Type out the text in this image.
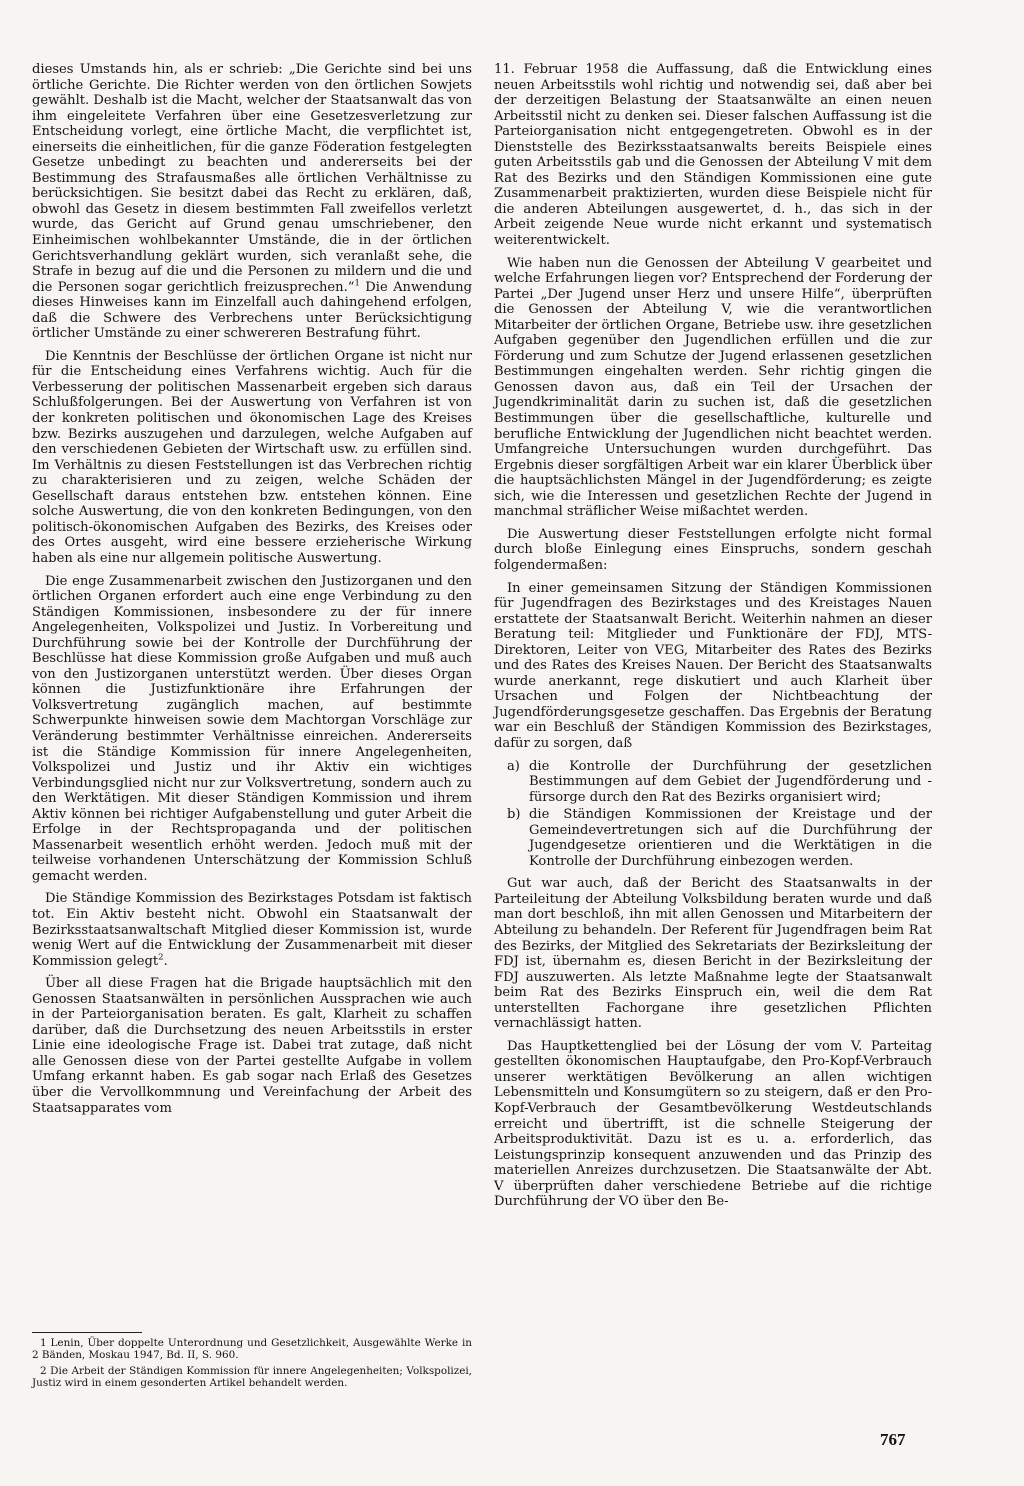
dieses Umstands hin, als er schrieb: „Die Gerichte sind bei uns örtliche Gerichte. Die Richter werden von den örtlichen Sowjets gewählt. Deshalb ist die Macht, welcher der Staatsanwalt das von ihm eingeleitete Verfahren über eine Gesetzesverletzung zur Entscheidung vorlegt, eine örtliche Macht, die verpflichtet ist, einerseits die einheitlichen, für die ganze Föderation festgelegten Gesetze unbedingt zu beachten und andererseits bei der Bestimmung des Strafausmaßes alle örtlichen Verhältnisse zu berücksichtigen. Sie besitzt dabei das Recht zu erklären, daß, obwohl das Gesetz in diesem bestimmten Fall zweifellos verletzt wurde, das Gericht auf Grund genau umschriebener, den Einheimischen wohlbekannter Umstände, die in der örtlichen Gerichtsverhandlung geklärt wurden, sich veranlaßt sehe, die Strafe in bezug auf die und die Personen zu mildern und die und die Personen sogar gerichtlich freizusprechen.“$^1$ Die Anwendung dieses Hinweises kann im Einzelfall auch dahingehend erfolgen, daß die Schwere des Verbrechens unter Berücksichtigung örtlicher Umstände zu einer schwereren Bestrafung führt.

Die Kenntnis der Beschlüsse der örtlichen Organe ist nicht nur für die Entscheidung eines Verfahrens wichtig. Auch für die Verbesserung der politischen Massenarbeit ergeben sich daraus Schlußfolgerungen. Bei der Auswertung von Verfahren ist von der konkreten politischen und ökonomischen Lage des Kreises bzw. Bezirks auszugehen und darzulegen, welche Aufgaben auf den verschiedenen Gebieten der Wirtschaft usw. zu erfüllen sind. Im Verhältnis zu diesen Feststellungen ist das Verbrechen richtig zu charakterisieren und zu zeigen, welche Schäden der Gesellschaft daraus entstehen bzw. entstehen können. Eine solche Auswertung, die von den konkreten Bedingungen, von den politisch-ökonomischen Aufgaben des Bezirks, des Kreises oder des Ortes ausgeht, wird eine bessere erzieherische Wirkung haben als eine nur allgemein politische Auswertung.

Die enge Zusammenarbeit zwischen den Justizorganen und den örtlichen Organen erfordert auch eine enge Verbindung zu den Ständigen Kommissionen, insbesondere zu der für innere Angelegenheiten, Volkspolizei und Justiz. In Vorbereitung und Durchführung sowie bei der Kontrolle der Durchführung der Beschlüsse hat diese Kommission große Aufgaben und muß auch von den Justizorganen unterstützt werden. Über dieses Organ können die Justizfunktionäre ihre Erfahrungen der Volksvertretung zugänglich machen, auf bestimmte Schwerpunkte hinweisen sowie dem Machtorgan Vorschläge zur Veränderung bestimmter Verhältnisse einreichen. Andererseits ist die Ständige Kommission für innere Angelegenheiten, Volkspolizei und Justiz und ihr Aktiv ein wichtiges Verbindungsglied nicht nur zur Volksvertretung, sondern auch zu den Werktätigen. Mit dieser Ständigen Kommission und ihrem Aktiv können bei richtiger Aufgabenstellung und guter Arbeit die Erfolge in der Rechtspropaganda und der politischen Massenarbeit wesentlich erhöht werden. Jedoch muß mit der teilweise vorhandenen Unterschätzung der Kommission Schluß gemacht werden.

Die Ständige Kommission des Bezirkstages Potsdam ist faktisch tot. Ein Aktiv besteht nicht. Obwohl ein Staatsanwalt der Bezirksstaatsanwaltschaft Mitglied dieser Kommission ist, wurde wenig Wert auf die Entwicklung der Zusammenarbeit mit dieser Kommission gelegt$^2$.

Über all diese Fragen hat die Brigade hauptsächlich mit den Genossen Staatsanwälten in persönlichen Aussprachen wie auch in der Parteiorganisation beraten. Es galt, Klarheit zu schaffen darüber, daß die Durchsetzung des neuen Arbeitsstils in erster Linie eine ideologische Frage ist. Dabei trat zutage, daß nicht alle Genossen diese von der Partei gestellte Aufgabe in vollem Umfang erkannt haben. Es gab sogar nach Erlaß des Gesetzes über die Vervollkommnung und Vereinfachung der Arbeit des Staatsapparates vom

1 Lenin, Über doppelte Unterordnung und Gesetzlichkeit, Ausgewählte Werke in 2 Bänden, Moskau 1947, Bd. II, S. 960.

2 Die Arbeit der Ständigen Kommission für innere Angelegenheiten; Volkspolizei, Justiz wird in einem gesonderten Artikel behandelt werden.

11. Februar 1958 die Auffassung, daß die Entwicklung eines neuen Arbeitsstils wohl richtig und notwendig sei, daß aber bei der derzeitigen Belastung der Staatsanwälte an einen neuen Arbeitsstil nicht zu denken sei. Dieser falschen Auffassung ist die Parteiorganisation nicht entgegengetreten. Obwohl es in der Dienststelle des Bezirksstaatsanwalts bereits Beispiele eines guten Arbeitsstils gab und die Genossen der Abteilung V mit dem Rat des Bezirks und den Ständigen Kommissionen eine gute Zusammenarbeit praktizierten, wurden diese Beispiele nicht für die anderen Abteilungen ausgewertet, d. h., das sich in der Arbeit zeigende Neue wurde nicht erkannt und systematisch weiterentwickelt.

Wie haben nun die Genossen der Abteilung V gearbeitet und welche Erfahrungen liegen vor? Entsprechend der Forderung der Partei „Der Jugend unser Herz und unsere Hilfe“, überprüften die Genossen der Abteilung V, wie die verantwortlichen Mitarbeiter der örtlichen Organe, Betriebe usw. ihre gesetzlichen Aufgaben gegenüber den Jugendlichen erfüllen und die zur Förderung und zum Schutze der Jugend erlassenen gesetzlichen Bestimmungen eingehalten werden. Sehr richtig gingen die Genossen davon aus, daß ein Teil der Ursachen der Jugendkriminalität darin zu suchen ist, daß die gesetzlichen Bestimmungen über die gesellschaftliche, kulturelle und berufliche Entwicklung der Jugendlichen nicht beachtet werden. Umfangreiche Untersuchungen wurden durchgeführt. Das Ergebnis dieser sorgfältigen Arbeit war ein klarer Überblick über die hauptsächlichsten Mängel in der Jugendförderung; es zeigte sich, wie die Interessen und gesetzlichen Rechte der Jugend in manchmal sträflicher Weise mißachtet werden.

Die Auswertung dieser Feststellungen erfolgte nicht formal durch bloße Einlegung eines Einspruchs, sondern geschah folgendermaßen:

In einer gemeinsamen Sitzung der Ständigen Kommissionen für Jugendfragen des Bezirkstages und des Kreistages Nauen erstattete der Staatsanwalt Bericht. Weiterhin nahmen an dieser Beratung teil: Mitglieder und Funktionäre der FDJ, MTS-Direktoren, Leiter von VEG, Mitarbeiter des Rates des Bezirks und des Rates des Kreises Nauen. Der Bericht des Staatsanwalts wurde anerkannt, rege diskutiert und auch Klarheit über Ursachen und Folgen der Nichtbeachtung der Jugendförderungsgesetze geschaffen. Das Ergebnis der Beratung war ein Beschluß der Ständigen Kommission des Bezirkstages, dafür zu sorgen, daß

a) die Kontrolle der Durchführung der gesetzlichen Bestimmungen auf dem Gebiet der Jugendförderung und -fürsorge durch den Rat des Bezirks organisiert wird;
b) die Ständigen Kommissionen der Kreistage und der Gemeindevertretungen sich auf die Durchführung der Jugendgesetze orientieren und die Werktätigen in die Kontrolle der Durchführung einbezogen werden.

Gut war auch, daß der Bericht des Staatsanwalts in der Parteileitung der Abteilung Volksbildung beraten wurde und daß man dort beschloß, ihn mit allen Genossen und Mitarbeitern der Abteilung zu behandeln. Der Referent für Jugendfragen beim Rat des Bezirks, der Mitglied des Sekretariats der Bezirksleitung der FDJ ist, übernahm es, diesen Bericht in der Bezirksleitung der FDJ auszuwerten. Als letzte Maßnahme legte der Staatsanwalt beim Rat des Bezirks Einspruch ein, weil die dem Rat unterstellten Fachorgane ihre gesetzlichen Pflichten vernachlässigt hatten.

Das Hauptkettenglied bei der Lösung der vom V. Parteitag gestellten ökonomischen Hauptaufgabe, den Pro-Kopf-Verbrauch unserer werktätigen Bevölkerung an allen wichtigen Lebensmitteln und Konsumgütern so zu steigern, daß er den Pro-Kopf-Verbrauch der Gesamtbevölkerung Westdeutschlands erreicht und übertrifft, ist die schnelle Steigerung der Arbeitsproduktivität. Dazu ist es u. a. erforderlich, das Leistungsprinzip konsequent anzuwenden und das Prinzip des materiellen Anreizes durchzusetzen. Die Staatsanwälte der Abt. V überprüften daher verschiedene Betriebe auf die richtige Durchführung der VO über den Be-

767
